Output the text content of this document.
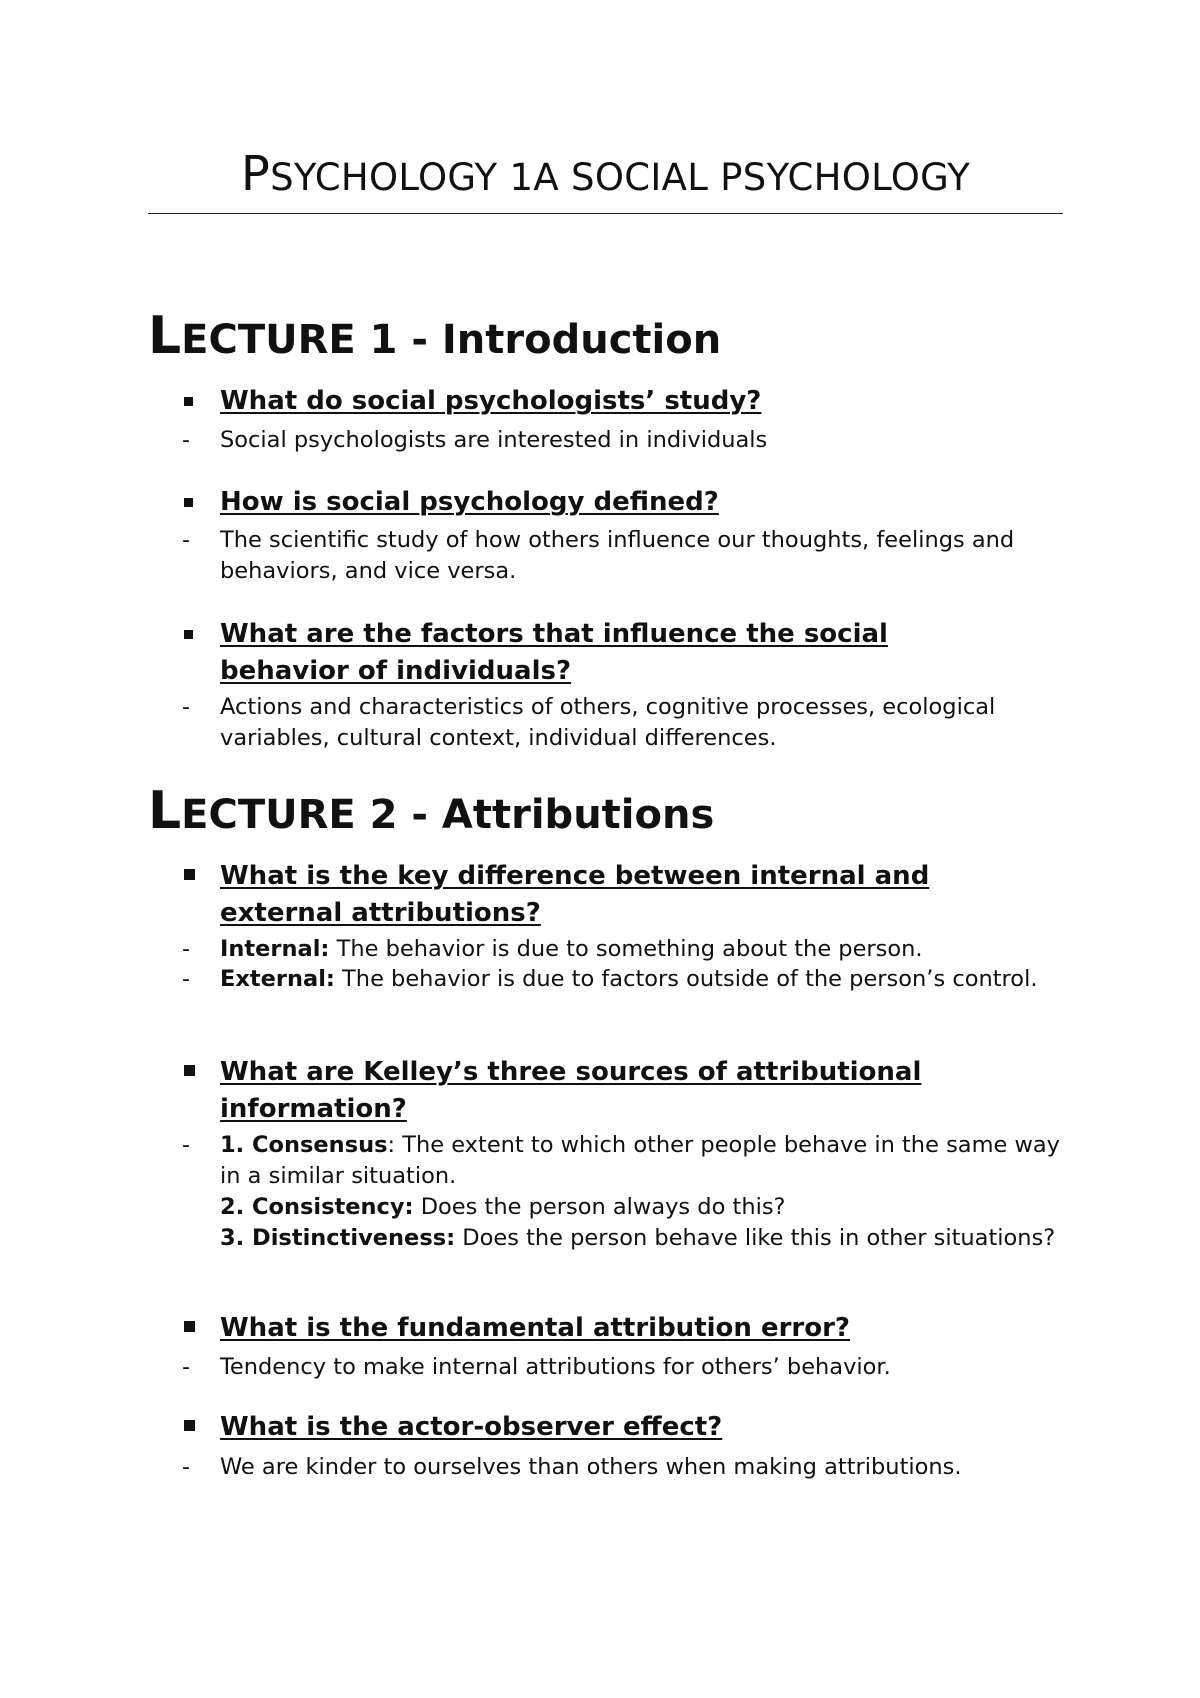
PSYCHOLOGY 1A SOCIAL PSYCHOLOGY
LECTURE 1 - Introduction
What do social psychologists’ study?
- Social psychologists are interested in individuals
How is social psychology defined?
- The scientific study of how others influence our thoughts, feelings and behaviors, and vice versa.
What are the factors that influence the social behavior of individuals?
- Actions and characteristics of others, cognitive processes, ecological variables, cultural context, individual differences.
LECTURE 2 - Attributions
What is the key difference between internal and external attributions?
- Internal: The behavior is due to something about the person.
- External: The behavior is due to factors outside of the person’s control.
What are Kelley’s three sources of attributional information?
- 1. Consensus: The extent to which other people behave in the same way in a similar situation.
2. Consistency: Does the person always do this?
3. Distinctiveness: Does the person behave like this in other situations?
What is the fundamental attribution error?
- Tendency to make internal attributions for others’ behavior.
What is the actor-observer effect?
- We are kinder to ourselves than others when making attributions.
